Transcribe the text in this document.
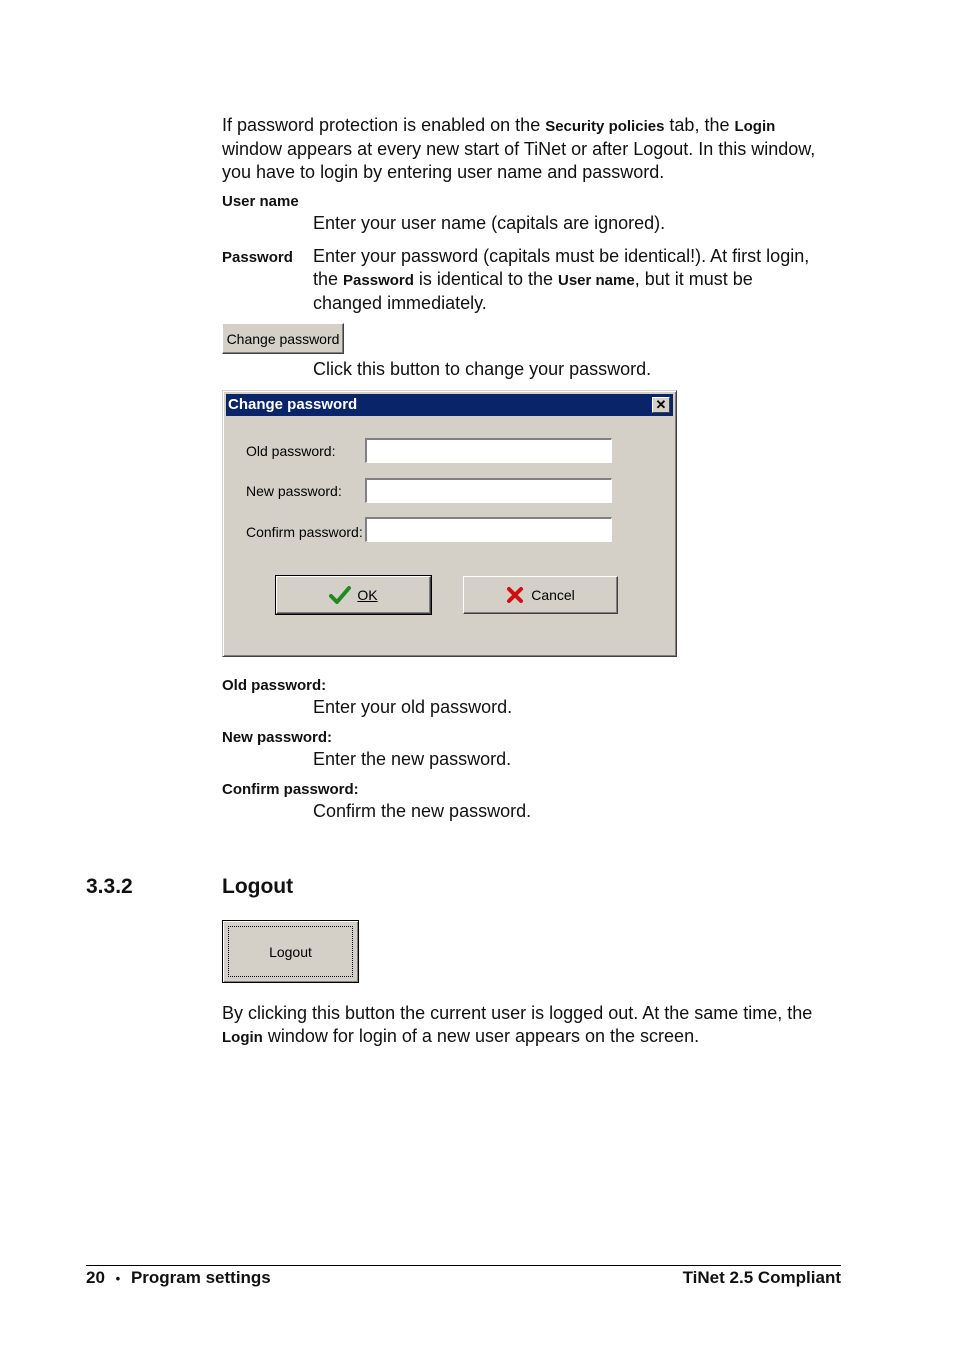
If password protection is enabled on the Security policies tab, the Login
window appears at every new start of TiNet or after Logout. In this window,
you have to login by entering user name and password.
User name
Enter your user name (capitals are ignored).
Password Enter your password (capitals must be identical!). At first login,
the Password is identical to the User name, but it must be
changed immediately.
Change password
Click this button to change your password.
Change password	✕
Old password:
New password:
Confirm password:
OK	Cancel
Old password:
Enter your old password.
New password:
Enter the new password.
Confirm password:
Confirm the new password.
3.3.2	Logout
Logout
By clicking this button the current user is logged out. At the same time, the
Login window for login of a new user appears on the screen.
20 • Program settings	TiNet 2.5 Compliant
